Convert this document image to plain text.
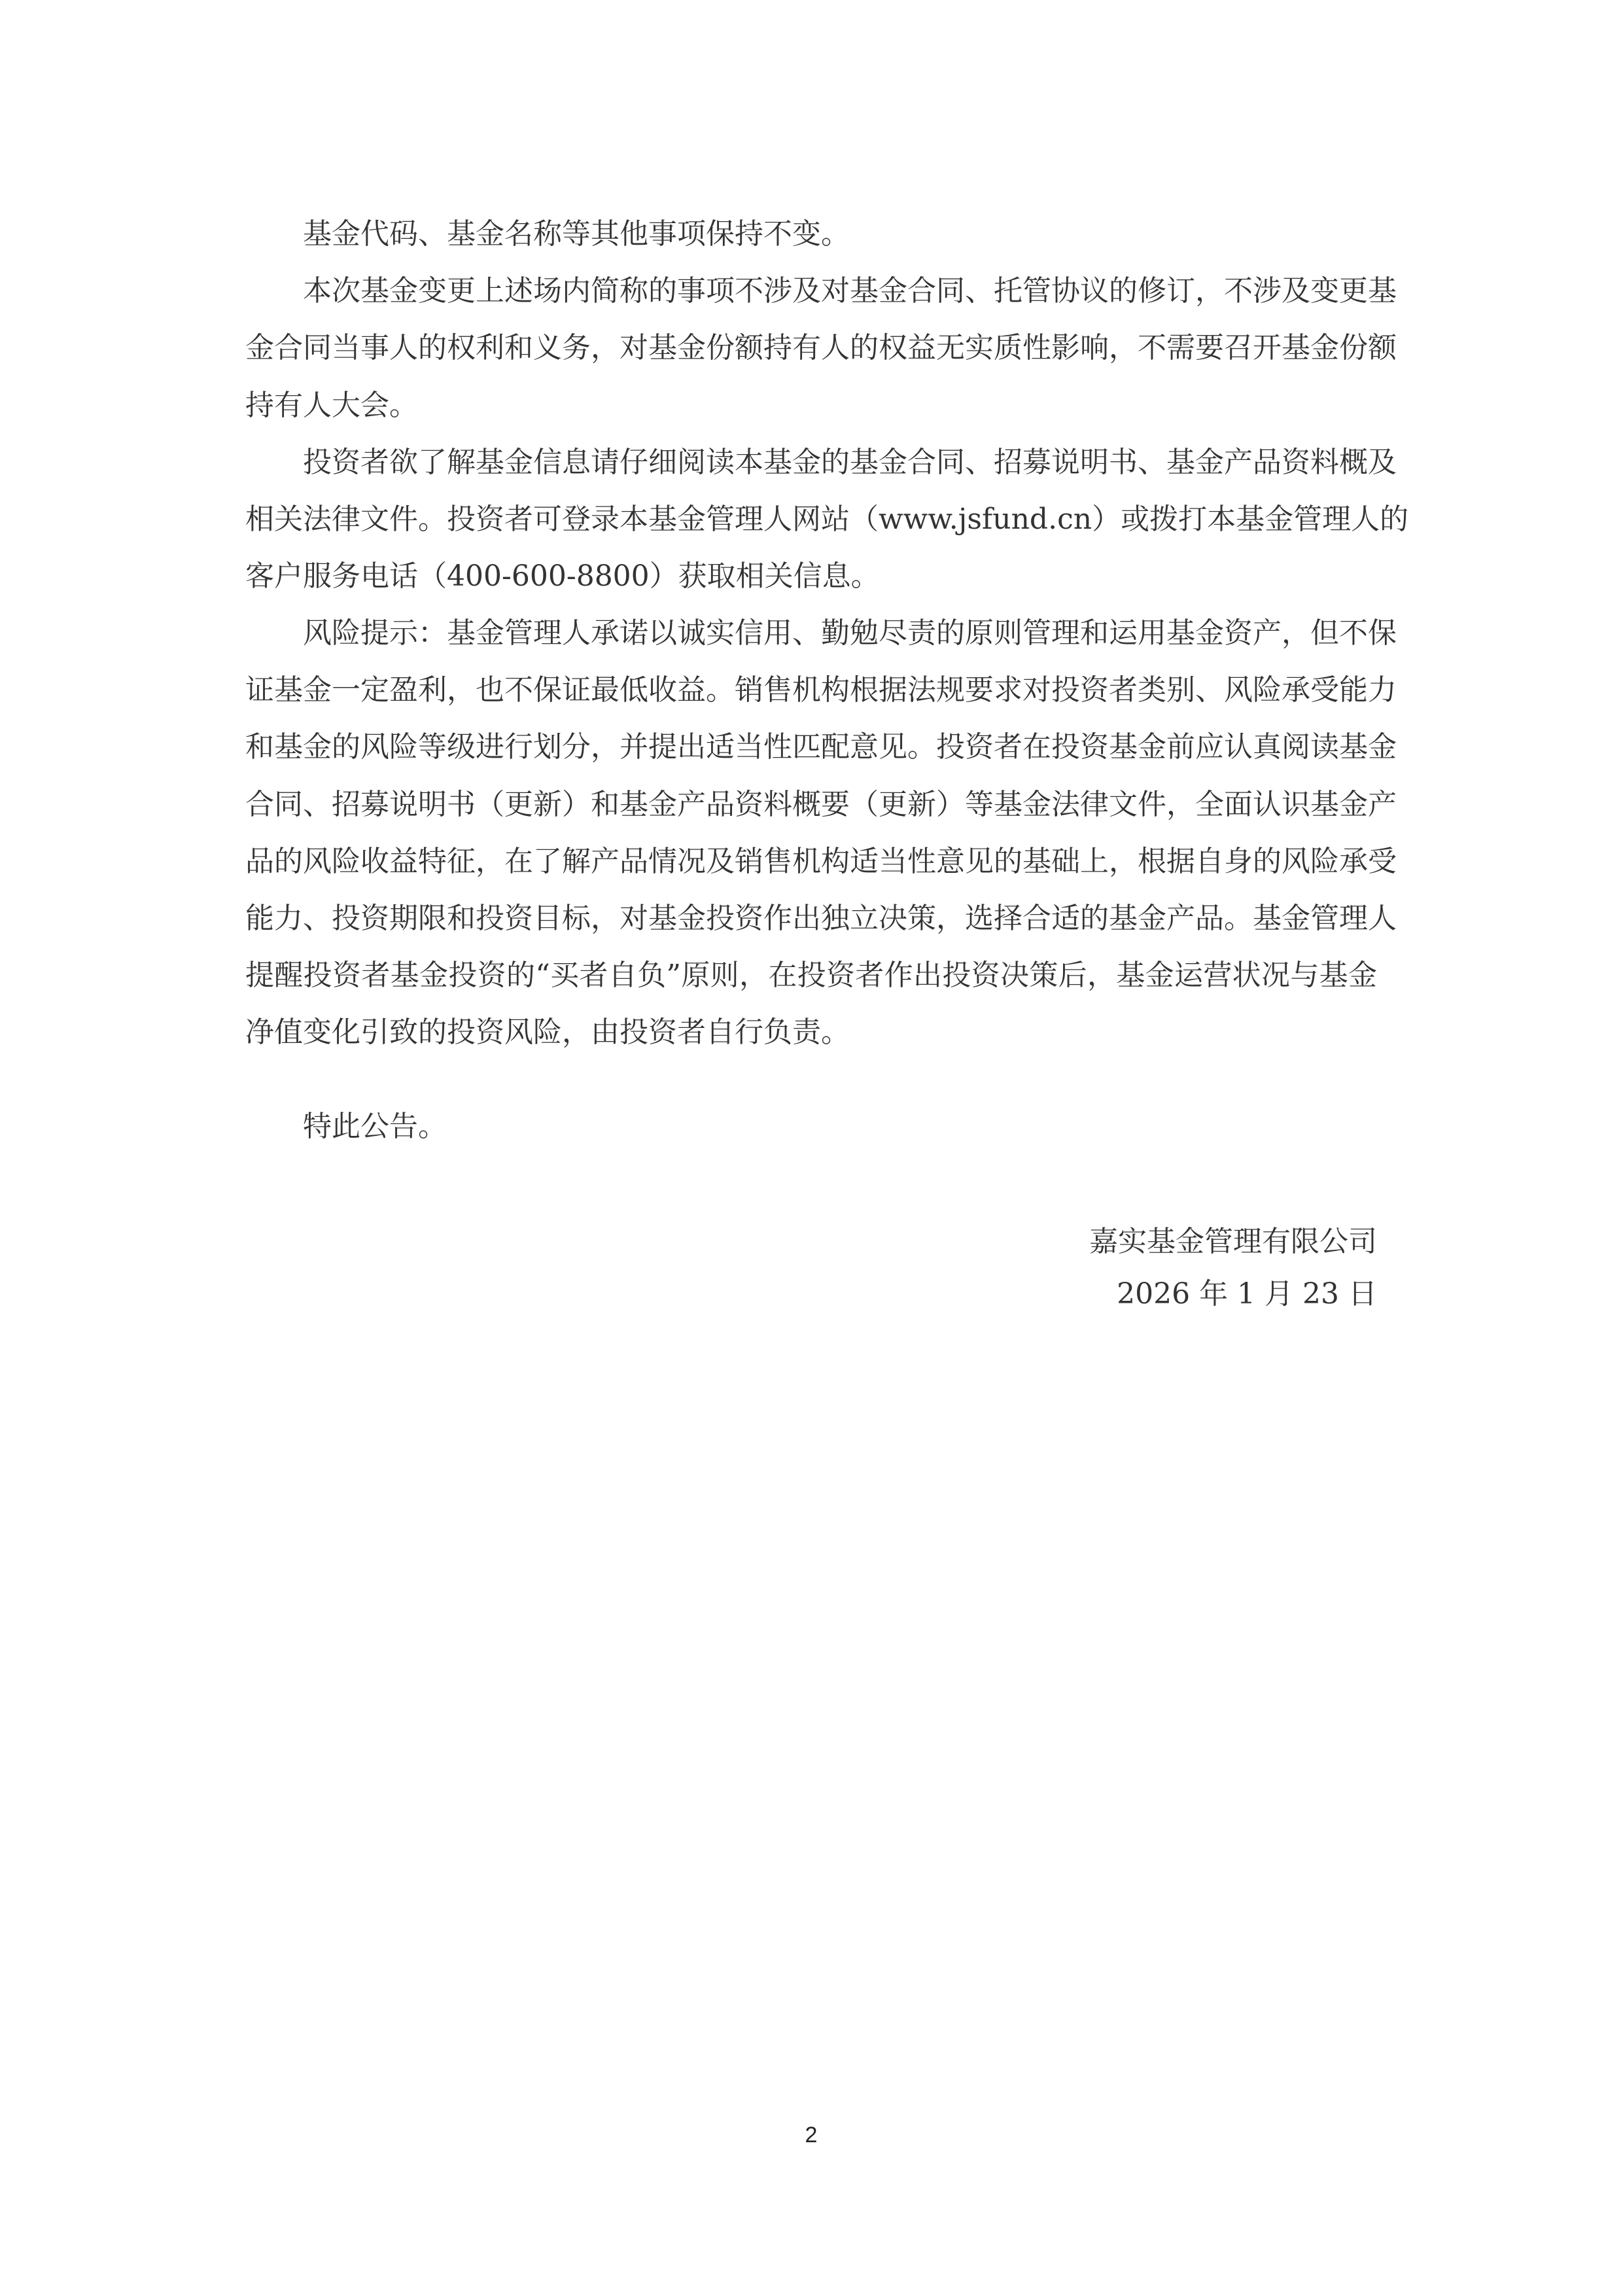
基金代码、基金名称等其他事项保持不变。
本次基金变更上述场内简称的事项不涉及对基金合同、托管协议的修订，不涉及变更基
金合同当事人的权利和义务，对基金份额持有人的权益无实质性影响，不需要召开基金份额
持有人大会。
投资者欲了解基金信息请仔细阅读本基金的基金合同、招募说明书、基金产品资料概及
相关法律文件。投资者可登录本基金管理人网站（www.jsfund.cn）或拨打本基金管理人的
客户服务电话（400-600-8800）获取相关信息。
风险提示：基金管理人承诺以诚实信用、勤勉尽责的原则管理和运用基金资产，但不保
证基金一定盈利，也不保证最低收益。销售机构根据法规要求对投资者类别、风险承受能力
和基金的风险等级进行划分，并提出适当性匹配意见。投资者在投资基金前应认真阅读基金
合同、招募说明书（更新）和基金产品资料概要（更新）等基金法律文件，全面认识基金产
品的风险收益特征，在了解产品情况及销售机构适当性意见的基础上，根据自身的风险承受
能力、投资期限和投资目标，对基金投资作出独立决策，选择合适的基金产品。基金管理人
提醒投资者基金投资的“买者自负”原则，在投资者作出投资决策后，基金运营状况与基金
净值变化引致的投资风险，由投资者自行负责。
特此公告。
嘉实基金管理有限公司
2026 年 1 月 23 日
2
